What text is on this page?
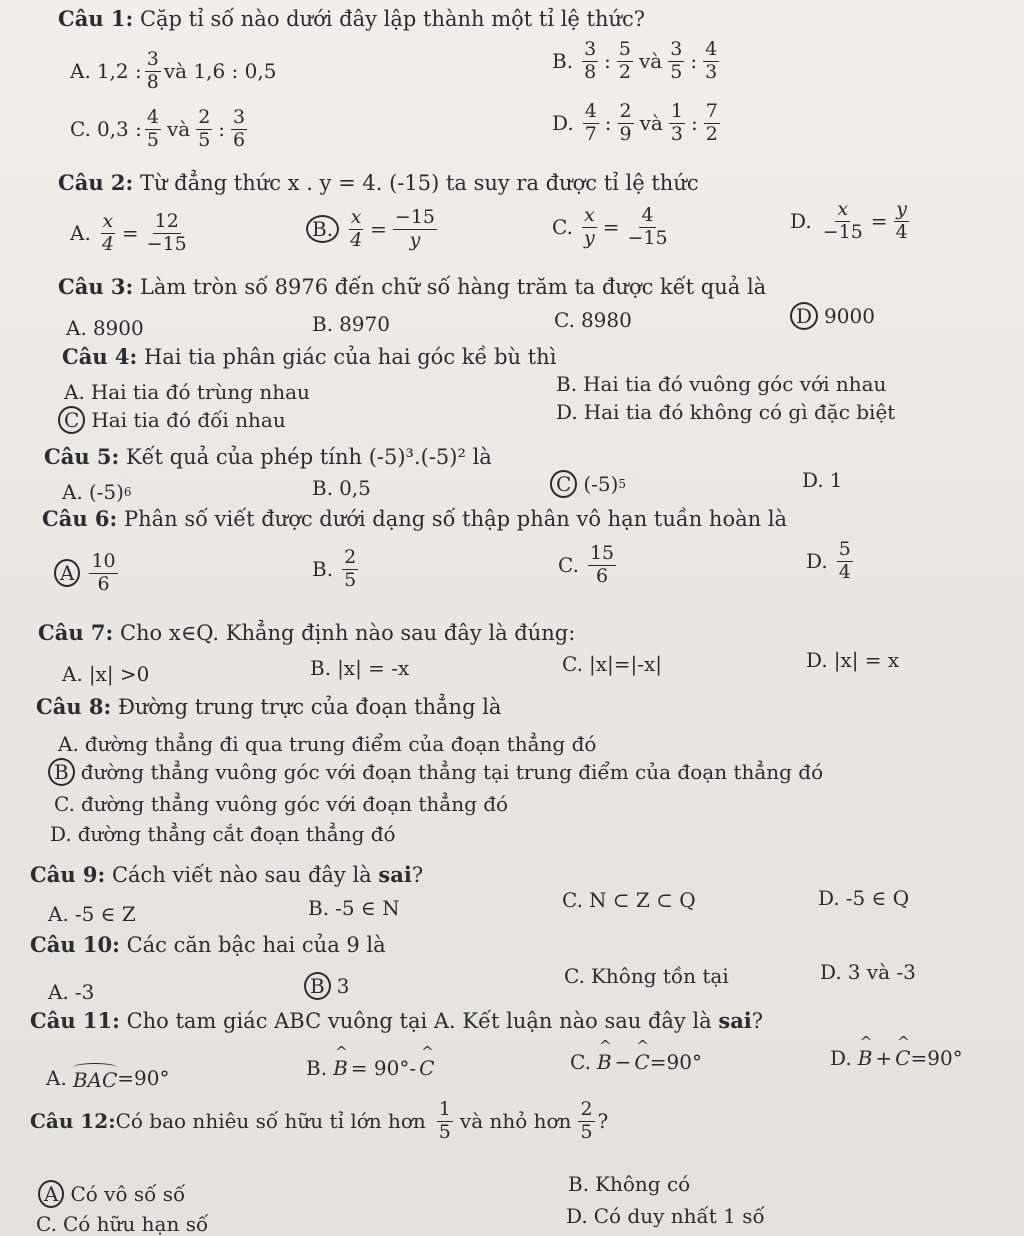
Câu 1: Cặp tỉ số nào dưới đây lập thành một tỉ lệ thức?
A. 1,2 : $\frac{3}{8}$ và 1,6 : 0,5	B. $\frac{3}{8}$ : $\frac{5}{2}$ và $\frac{3}{5}$ : $\frac{4}{3}$
C. 0,3 : $\frac{4}{5}$ và $\frac{2}{5}$ : $\frac{3}{6}$	D. $\frac{4}{7}$ : $\frac{2}{9}$ và $\frac{1}{3}$ : $\frac{7}{2}$
Câu 2: Từ đẳng thức x . y = 4. (-15) ta suy ra được tỉ lệ thức
A. $\frac{x}{4} = \frac{12}{-15}$	B. $\frac{x}{4} = \frac{-15}{y}$	C. $\frac{x}{y} = \frac{4}{-15}$	D. $\frac{x}{-15} = \frac{y}{4}$
Câu 3: Làm tròn số 8976 đến chữ số hàng trăm ta được kết quả là
A. 8900	B. 8970	C. 8980	D 9000
Câu 4: Hai tia phân giác của hai góc kề bù thì
A. Hai tia đó trùng nhau	B. Hai tia đó vuông góc với nhau
C Hai tia đó đối nhau	D. Hai tia đó không có gì đặc biệt
Câu 5: Kết quả của phép tính (-5)³.(-5)² là
A. (-5) 6	B. 0,5	C (-5) 5	D. 1
Câu 6: Phân số viết được dưới dạng số thập phân vô hạn tuần hoàn là
A $\frac{10}{6}$	B. $\frac{2}{5}$	C. $\frac{15}{6}$	D. $\frac{5}{4}$
Câu 7: Cho x∈Q. Khẳng định nào sau đây là đúng:
A. |x| >0	B. |x| = -x	C. |x|=|-x|	D. |x| = x
Câu 8: Đường trung trực của đoạn thẳng là
A. đường thẳng đi qua trung điểm của đoạn thẳng đó
B đường thẳng vuông góc với đoạn thẳng tại trung điểm của đoạn thẳng đó
C. đường thẳng vuông góc với đoạn thẳng đó
D. đường thẳng cắt đoạn thẳng đó
Câu 9: Cách viết nào sau đây là sai?
A. -5 ∈ Z	B. -5 ∈ N	C. N ⊂ Z ⊂ Q	D. -5 ∈ Q
Câu 10: Các căn bậc hai của 9 là
A. -3	B 3	C. Không tồn tại	D. 3 và -3
Câu 11: Cho tam giác ABC vuông tại A. Kết luận nào sau đây là sai?
A. BAC =90°	B. ^ B = 90°- ^ C	C. ^ B − ^ C =90°	D. ^ B + ^ C =90°
Câu 12: Có bao nhiêu số hữu tỉ lớn hơn $\frac{1}{5}$ và nhỏ hơn $\frac{2}{5}$ ?
A Có vô số số	B. Không có
C. Có hữu hạn số	D. Có duy nhất 1 số
